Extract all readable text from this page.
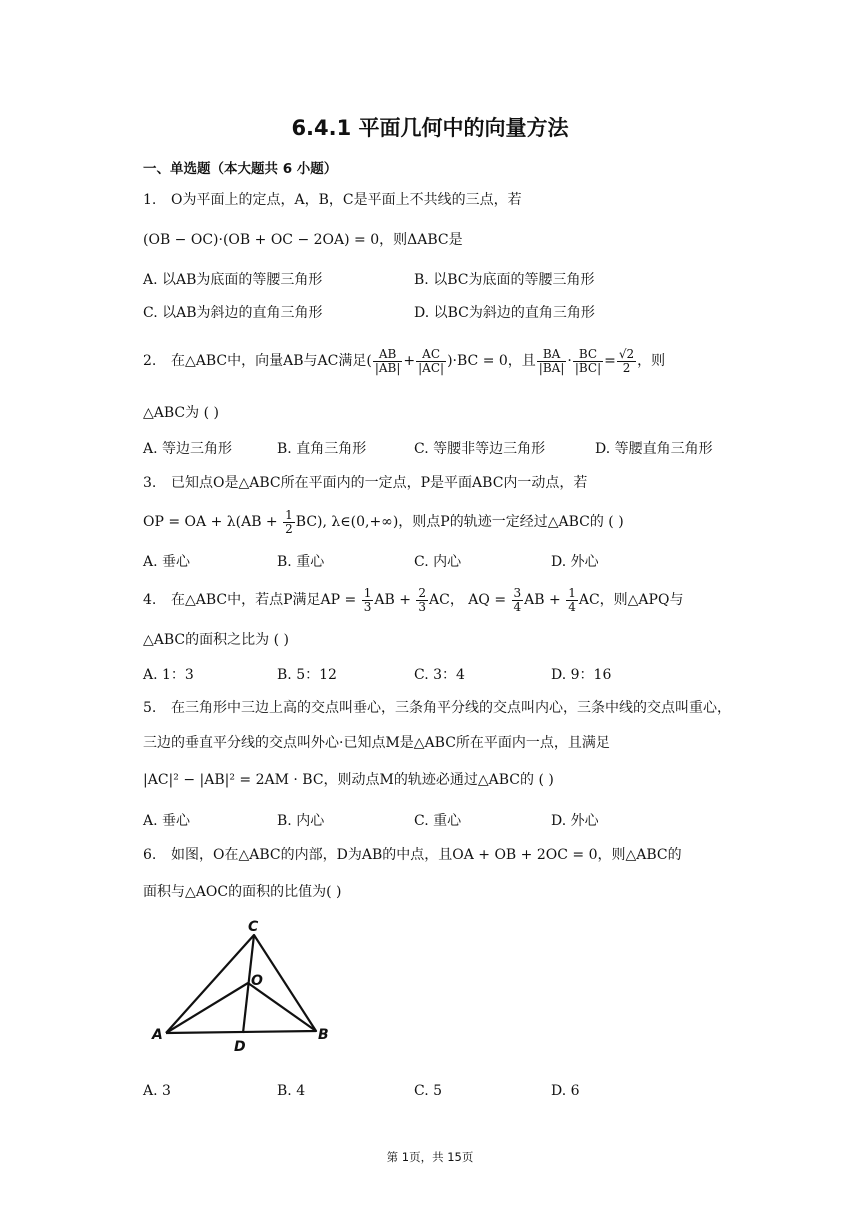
6.4.1 平面几何中的向量方法
一、单选题（本大题共 6 小题）
1. O为平面上的定点，A，B，C是平面上不共线的三点，若
(OB − OC)·(OB + OC − 2OA) = 0，则ΔABC是
A. 以AB为底面的等腰三角形	B. 以BC为底面的等腰三角形
C. 以AB为斜边的直角三角形	D. 以BC为斜边的直角三角形
2. 在△ABC中，向量AB与AC满足( $\frac{AB}{|AB|} + \frac{AC}{|AC|} )\cdot BC = 0$，且 $\frac{BA}{|BA|} \cdot \frac{BC}{|BC|} = \frac{√2}{2}$ ，则
△ABC为 ( )
A. 等边三角形	B. 直角三角形	C. 等腰非等边三角形	D. 等腰直角三角形
3. 已知点O是△ABC所在平面内的一定点，P是平面ABC内一动点，若
OP = OA + $\lambda(AB + \frac{1}{2} BC)$, λ∈(0,+∞)，则点P的轨迹一定经过△ABC的 ( )
A. 垂心	B. 重心	C. 内心	D. 外心
4. 在△ABC中，若点P满足AP = $\frac{1}{3}$ AB + $\frac{2}{3}$ AC， AQ = $\frac{3}{4}$ AB + $\frac{1}{4}$ AC，则△APQ与
△ABC的面积之比为 ( )
A. 1：3	B. 5：12	C. 3：4	D. 9：16
5. 在三角形中三边上高的交点叫垂心，三条角平分线的交点叫内心，三条中线的交点叫重心，
三边的垂直平分线的交点叫外心·已知点M是△ABC所在平面内一点，且满足
|AC|² − |AB|² = 2AM · BC，则动点M的轨迹必通过△ABC的 ( )
A. 垂心	B. 内心	C. 重心	D. 外心
6. 如图，O在△ABC的内部，D为AB的中点，且OA + OB + 2OC = 0，则△ABC的
面积与△AOC的面积的比值为( )
C
O
A	B
D
A. 3	B. 4	C. 5	D. 6
第 1页，共 15页
